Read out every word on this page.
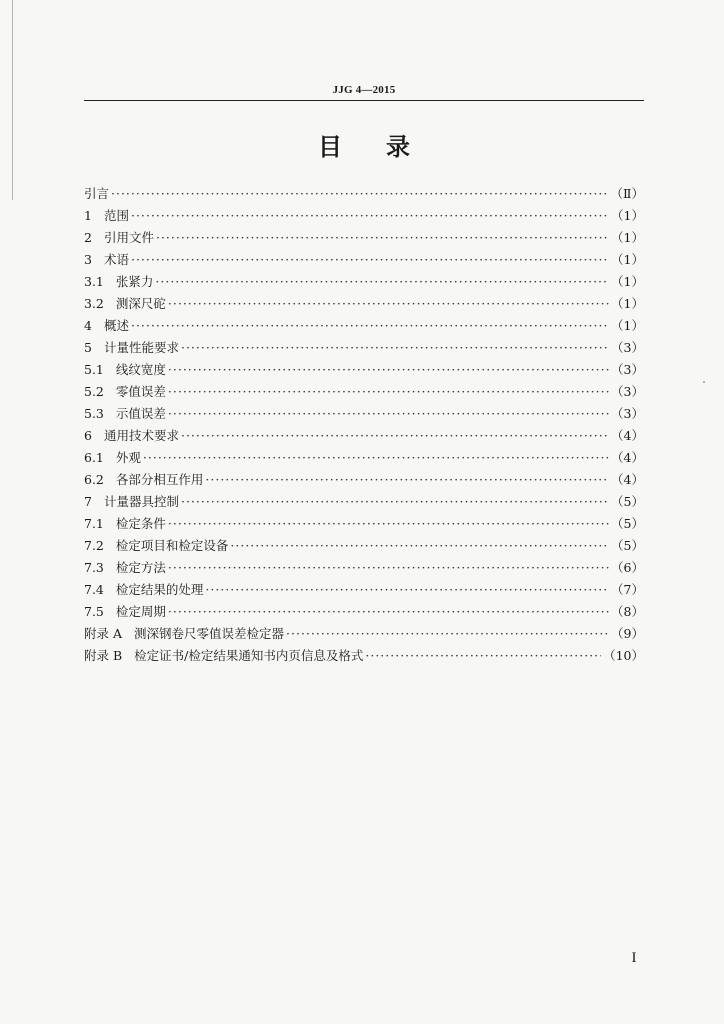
JJG 4—2015
目 录
引言 ·····	（Ⅱ）
1 范围 ·····	（1）
2 引用文件 ·····	（1）
3 术语 ·····	（1）
3.1 张紧力 ·····	（1）
3.2 测深尺砣 ·····	（1）
4 概述 ·····	（1）
5 计量性能要求 ·····	（3）
5.1 线纹宽度 ·····	（3）
5.2 零值误差 ·····	（3）
5.3 示值误差 ·····	（3）
6 通用技术要求 ·····	（4）
6.1 外观 ·····	（4）
6.2 各部分相互作用 ·····	（4）
7 计量器具控制 ·····	（5）
7.1 检定条件 ·····	（5）
7.2 检定项目和检定设备 ·····	（5）
7.3 检定方法 ·····	（6）
7.4 检定结果的处理 ·····	（7）
7.5 检定周期 ·····	（8）
附录 A 测深钢卷尺零值误差检定器 ·····	（9）
附录 B 检定证书/检定结果通知书内页信息及格式 ·····	（10）
I
